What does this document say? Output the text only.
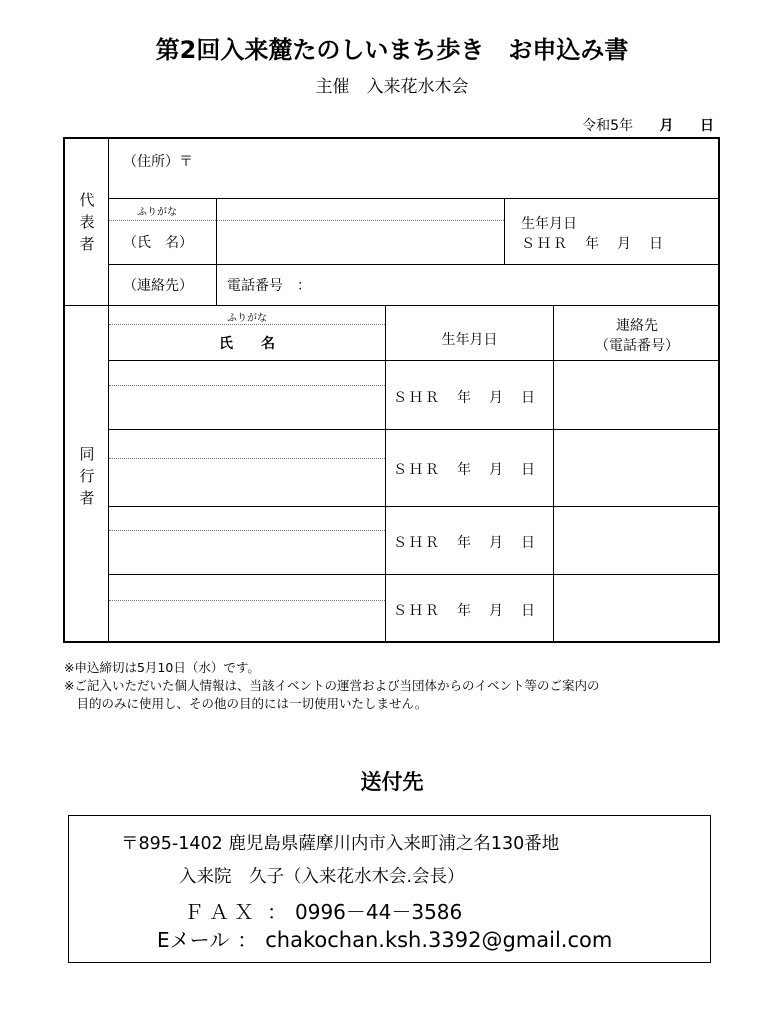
第2回入来麓たのしいまち歩き　お申込み書
主催　入来花水木会
令和5年 月 日
代
表
者
（住所）〒
ふりがな
（氏　名）
生年月日
ＳＨＲ　年　月　日
（連絡先） 電話番号　：
同
行
者
ふりがな
氏　　名	生年月日
連絡先
（電話番号）
ＳＨＲ　年　月　日
ＳＨＲ　年　月　日
ＳＨＲ　年　月　日
ＳＨＲ　年　月　日
※申込締切は5月10日（水）です。
※ご記入いただいた個人情報は、当該イベントの運営および当団体からのイベント等のご案内の
　目的のみに使用し、その他の目的には一切使用いたしません。
送付先
〒895-1402 鹿児島県薩摩川内市入来町浦之名130番地
入来院　久子（入来花水木会.会長）
ＦＡＸ ： 0996－44－3586
Eメール ： chakochan.ksh.3392@gmail.com
